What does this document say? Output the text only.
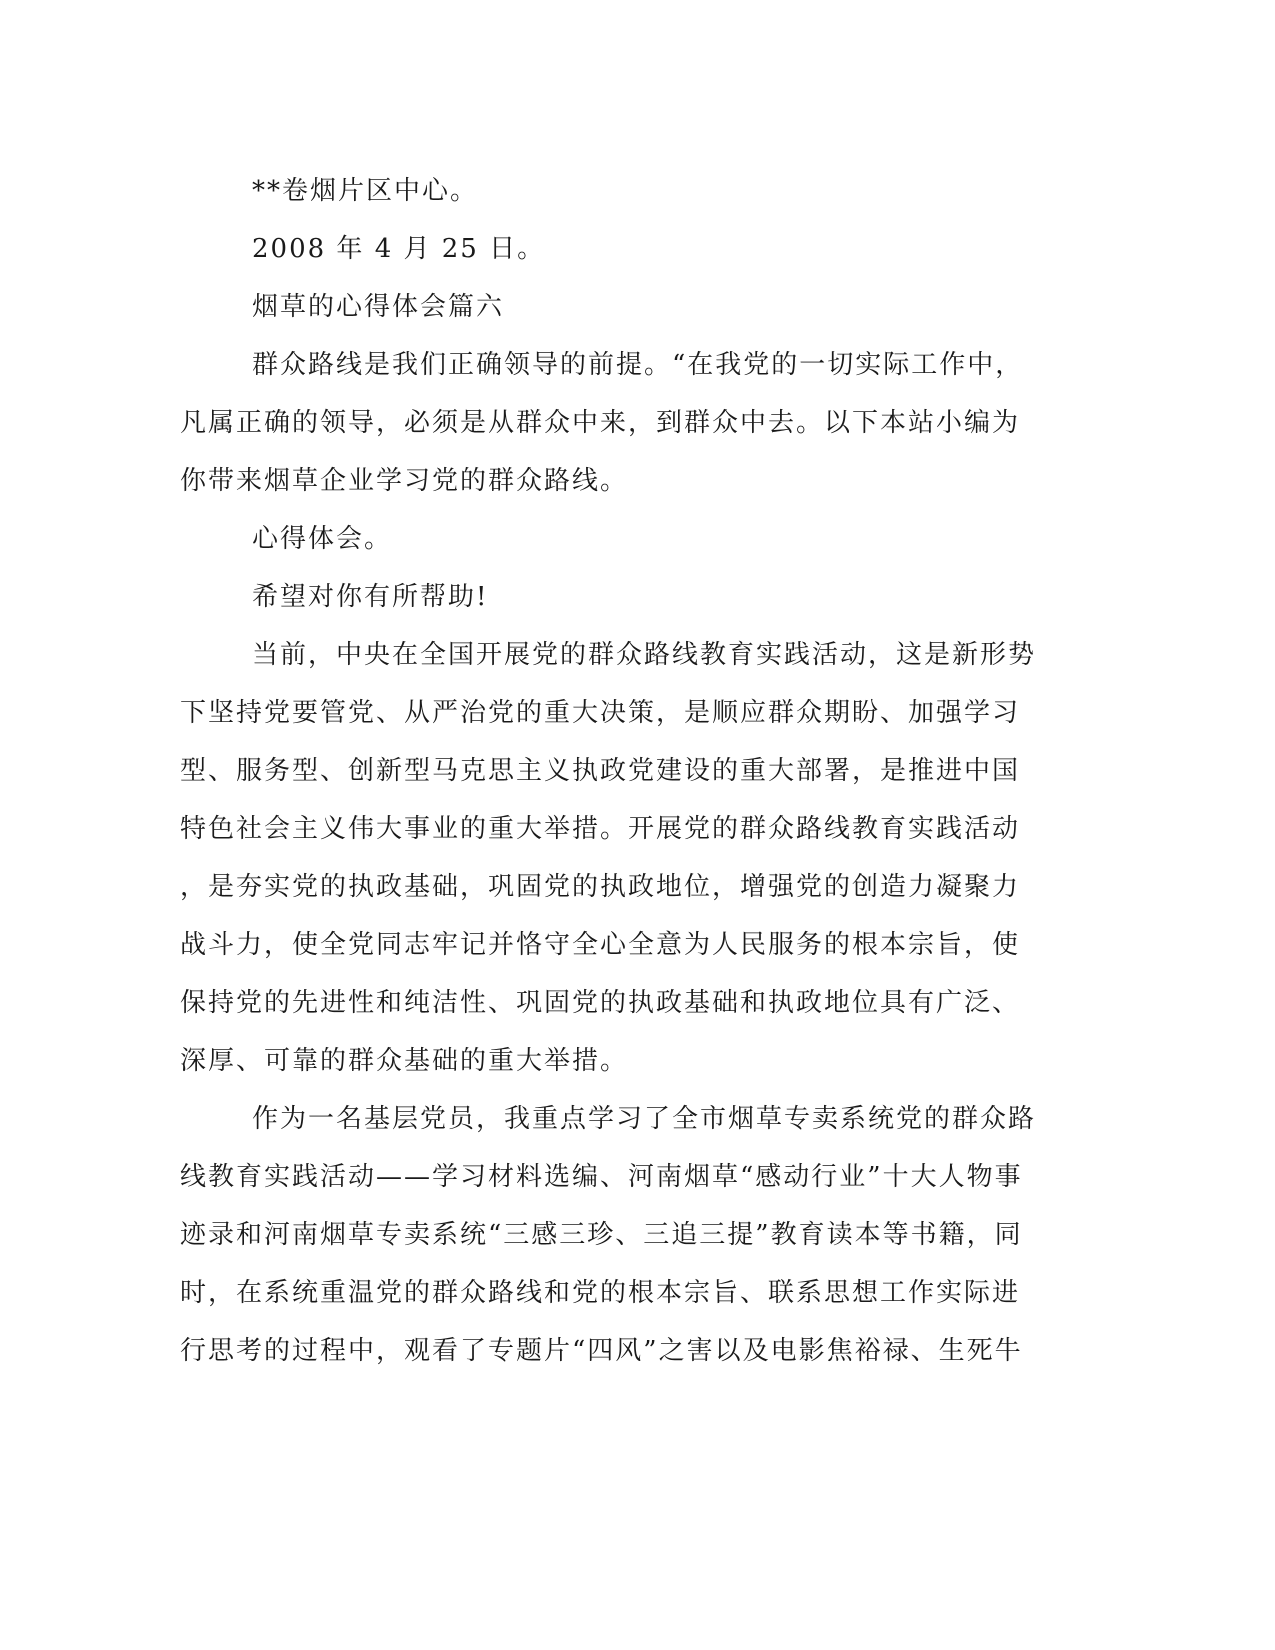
**卷烟片区中心。

2008 年 4 月 25 日。

烟草的心得体会篇六

群众路线是我们正确领导的前提。“在我党的一切实际工作中，
凡属正确的领导，必须是从群众中来，到群众中去。以下本站小编为
你带来烟草企业学习党的群众路线。

心得体会。

希望对你有所帮助!

当前，中央在全国开展党的群众路线教育实践活动，这是新形势
下坚持党要管党、从严治党的重大决策，是顺应群众期盼、加强学习
型、服务型、创新型马克思主义执政党建设的重大部署，是推进中国
特色社会主义伟大事业的重大举措。开展党的群众路线教育实践活动
，是夯实党的执政基础，巩固党的执政地位，增强党的创造力凝聚力
战斗力，使全党同志牢记并恪守全心全意为人民服务的根本宗旨，使
保持党的先进性和纯洁性、巩固党的执政基础和执政地位具有广泛、
深厚、可靠的群众基础的重大举措。

作为一名基层党员，我重点学习了全市烟草专卖系统党的群众路
线教育实践活动——学习材料选编、河南烟草“感动行业”十大人物事
迹录和河南烟草专卖系统“三感三珍、三追三提”教育读本等书籍，同
时，在系统重温党的群众路线和党的根本宗旨、联系思想工作实际进
行思考的过程中，观看了专题片“四风”之害以及电影焦裕禄、生死牛
